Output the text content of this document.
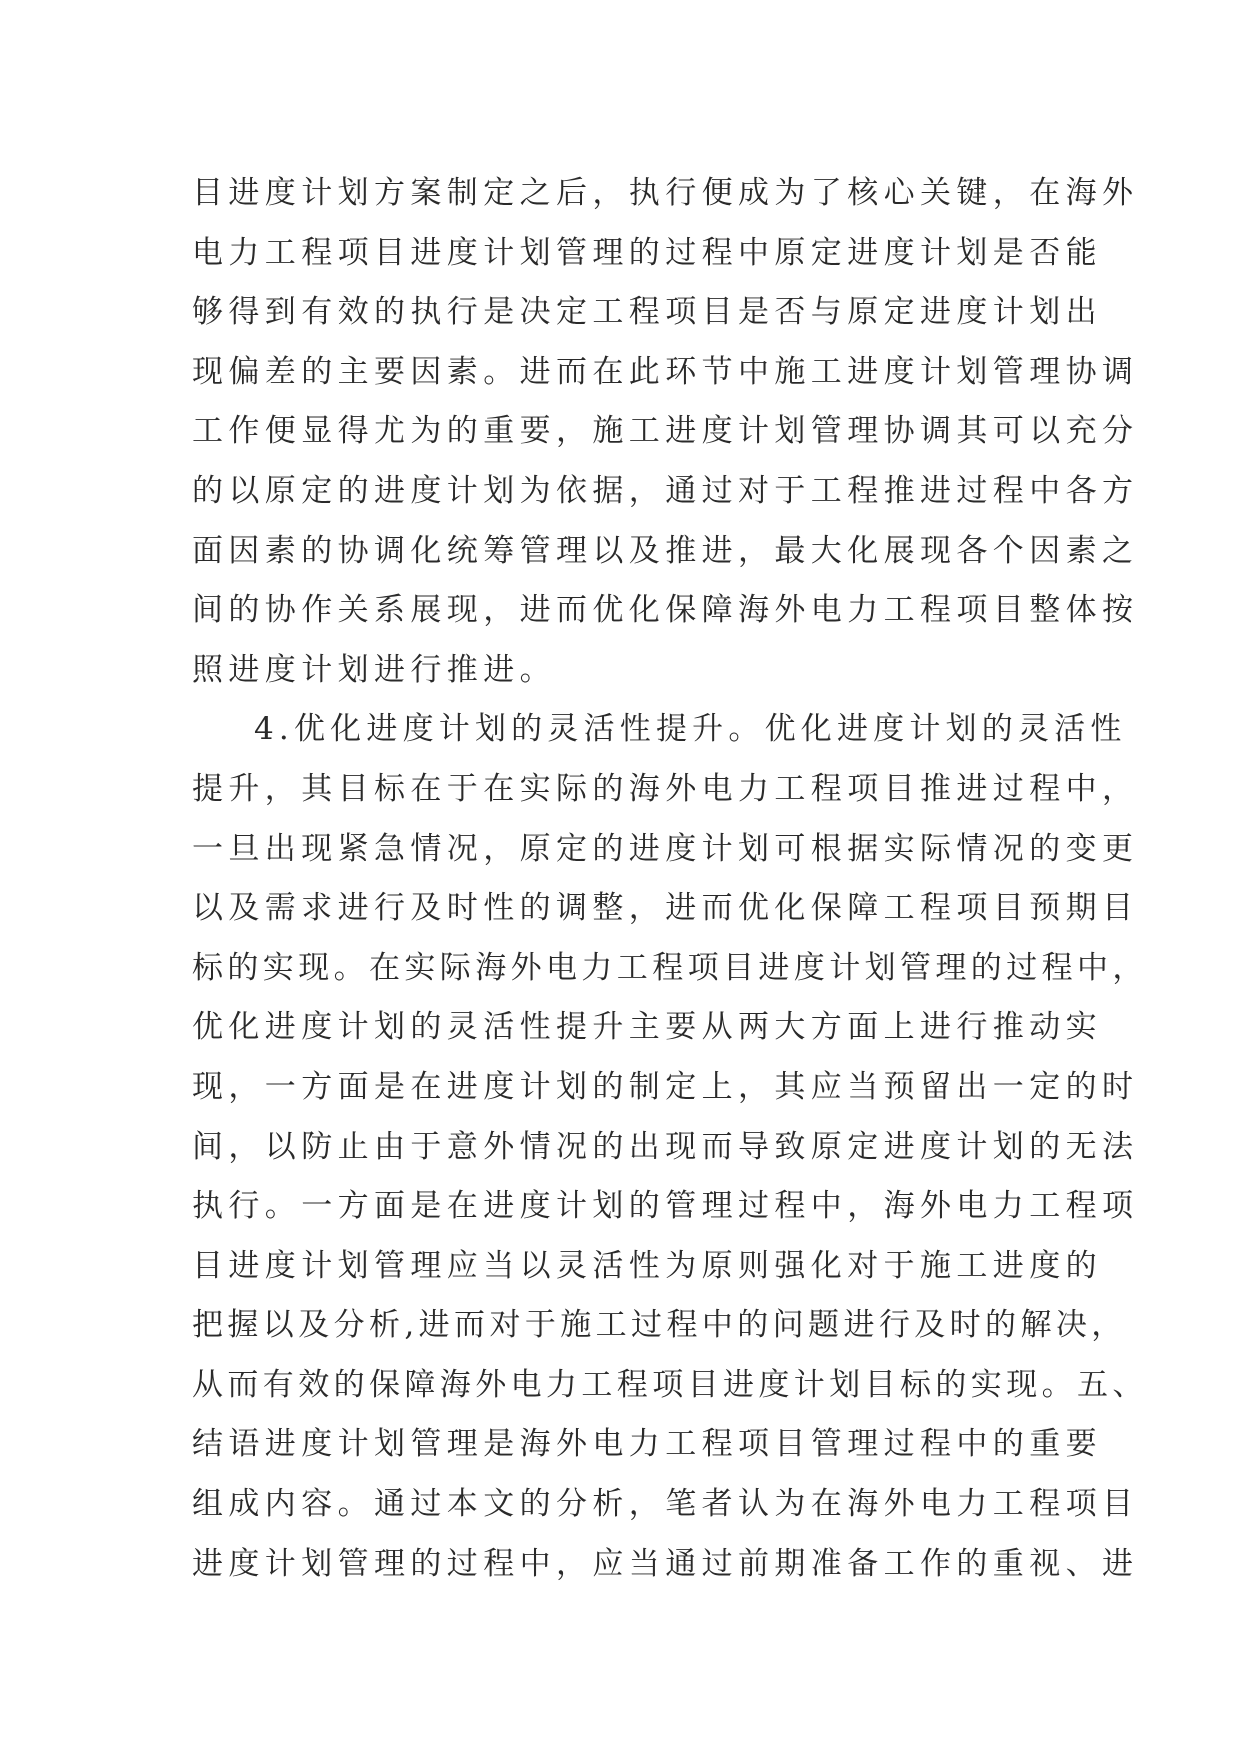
目进度计划方案制定之后，执行便成为了核心关键，在海外
电力工程项目进度计划管理的过程中原定进度计划是否能
够得到有效的执行是决定工程项目是否与原定进度计划出
现偏差的主要因素。进而在此环节中施工进度计划管理协调
工作便显得尤为的重要，施工进度计划管理协调其可以充分
的以原定的进度计划为依据，通过对于工程推进过程中各方
面因素的协调化统筹管理以及推进，最大化展现各个因素之
间的协作关系展现，进而优化保障海外电力工程项目整体按
照进度计划进行推进。
4.优化进度计划的灵活性提升。优化进度计划的灵活性
提升，其目标在于在实际的海外电力工程项目推进过程中，
一旦出现紧急情况，原定的进度计划可根据实际情况的变更
以及需求进行及时性的调整，进而优化保障工程项目预期目
标的实现。在实际海外电力工程项目进度计划管理的过程中，
优化进度计划的灵活性提升主要从两大方面上进行推动实
现，一方面是在进度计划的制定上，其应当预留出一定的时
间，以防止由于意外情况的出现而导致原定进度计划的无法
执行。一方面是在进度计划的管理过程中，海外电力工程项
目进度计划管理应当以灵活性为原则强化对于施工进度的
把握以及分析,进而对于施工过程中的问题进行及时的解决，
从而有效的保障海外电力工程项目进度计划目标的实现。五、
结语进度计划管理是海外电力工程项目管理过程中的重要
组成内容。通过本文的分析，笔者认为在海外电力工程项目
进度计划管理的过程中，应当通过前期准备工作的重视、进
